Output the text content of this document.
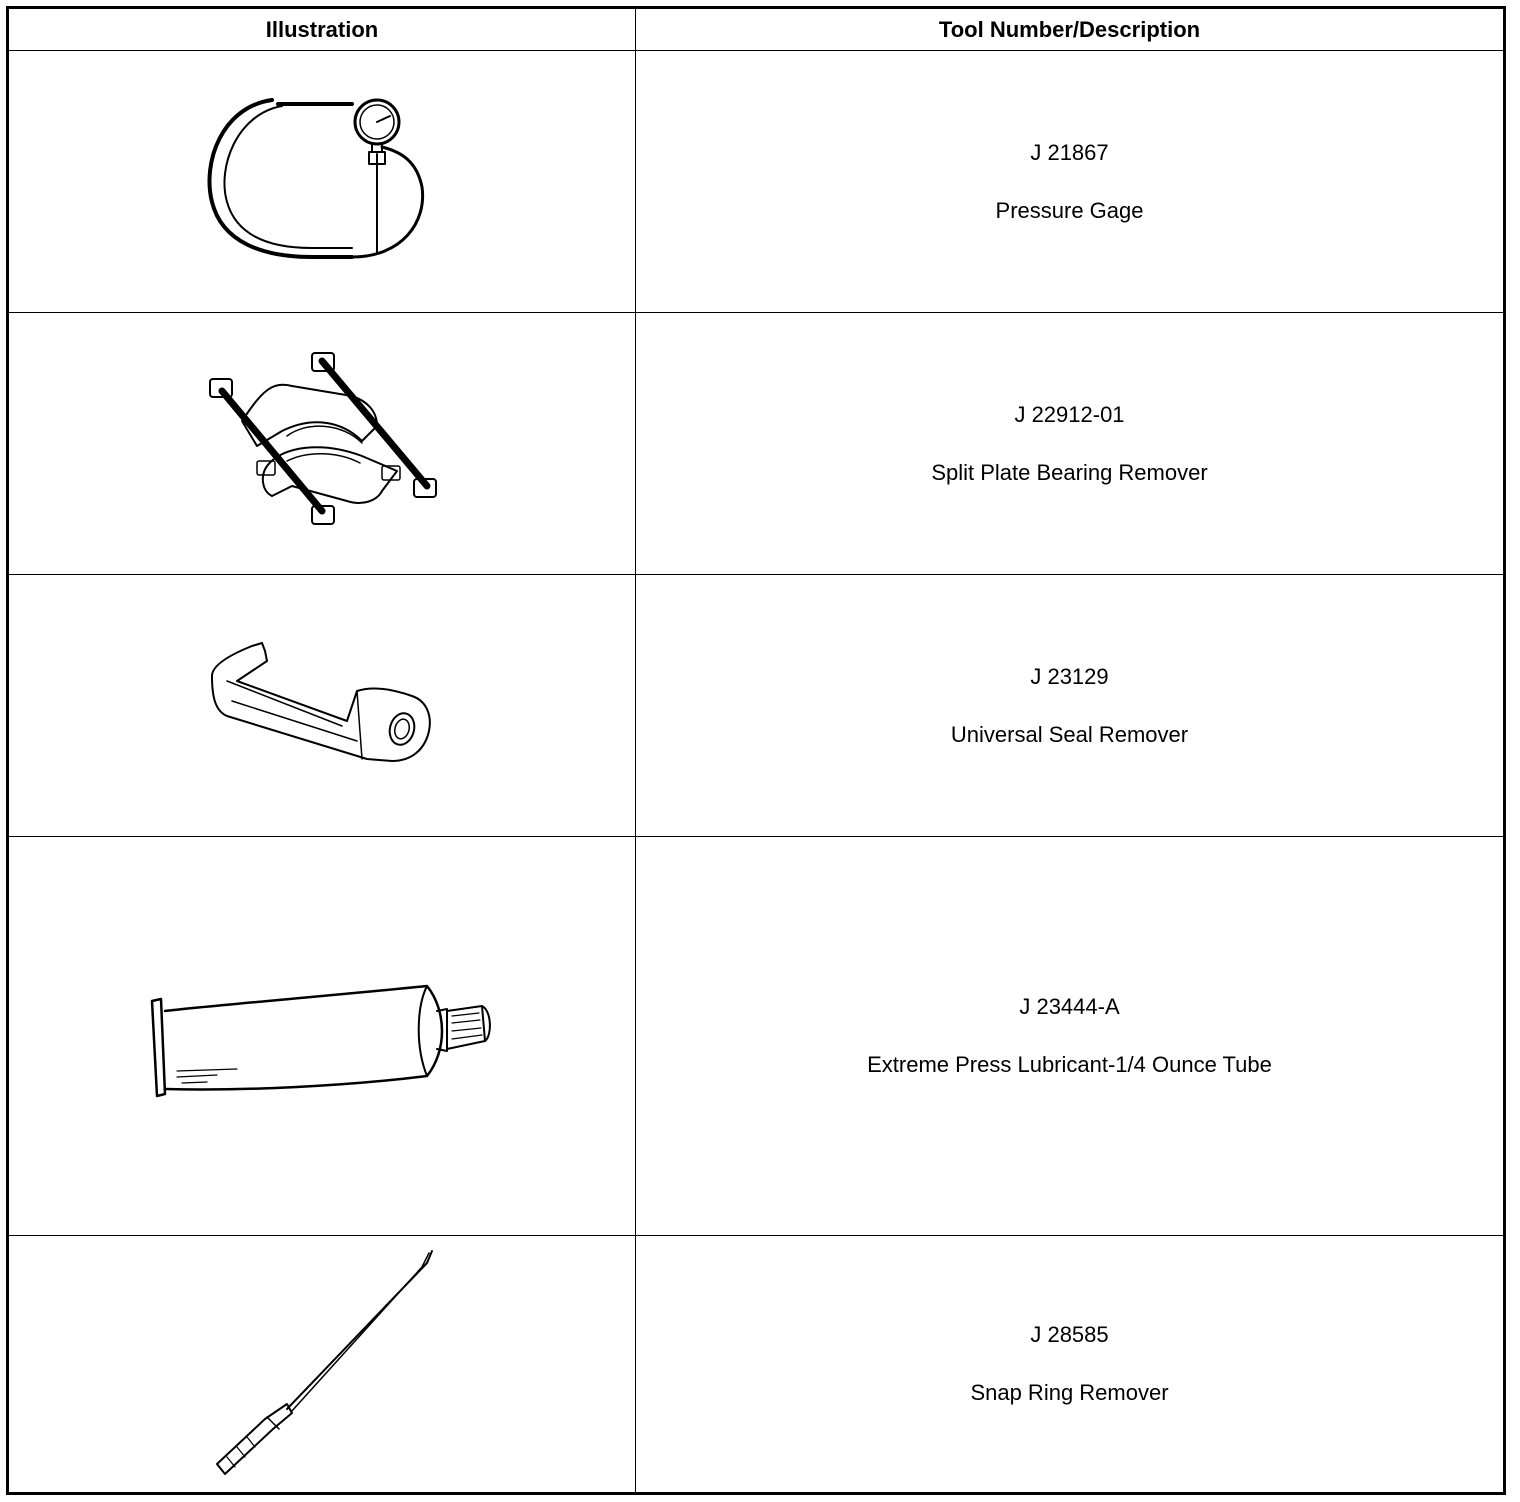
Illustration	Tool Number/Description
J 21867
Pressure Gage
J 22912-01
Split Plate Bearing Remover
J 23129
Universal Seal Remover
J 23444-A
Extreme Press Lubricant-1/4 Ounce Tube
J 28585
Snap Ring Remover
